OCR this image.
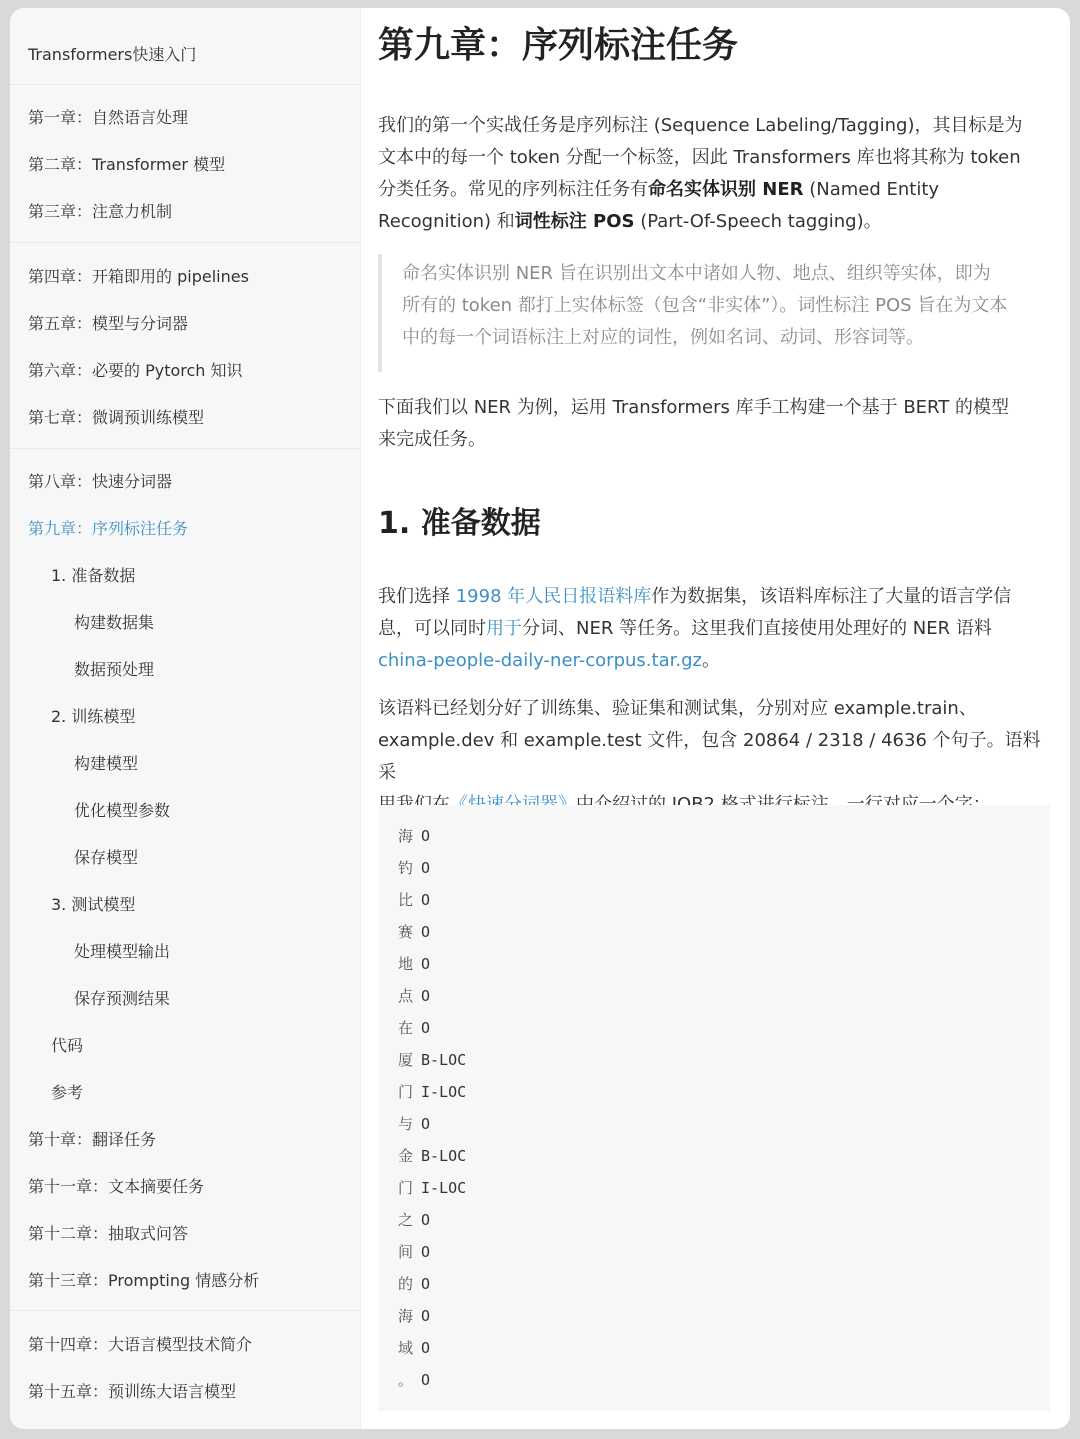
Transformers快速入门
第一章：自然语言处理
第二章：Transformer 模型
第三章：注意力机制
第四章：开箱即用的 pipelines
第五章：模型与分词器
第六章：必要的 Pytorch 知识
第七章：微调预训练模型
第八章：快速分词器
第九章：序列标注任务
1. 准备数据
构建数据集
数据预处理
2. 训练模型
构建模型
优化模型参数
保存模型
3. 测试模型
处理模型输出
保存预测结果
代码
参考
第十章：翻译任务
第十一章：文本摘要任务
第十二章：抽取式问答
第十三章：Prompting 情感分析
第十四章：大语言模型技术简介
第十五章：预训练大语言模型
第九章：序列标注任务
我们的第一个实战任务是序列标注 (Sequence Labeling/Tagging)，其目标是为
文本中的每一个 token 分配一个标签，因此 Transformers 库也将其称为 token
分类任务。常见的序列标注任务有命名实体识别 NER (Named Entity
Recognition) 和词性标注 POS (Part-Of-Speech tagging)。
命名实体识别 NER 旨在识别出文本中诸如人物、地点、组织等实体，即为
所有的 token 都打上实体标签（包含“非实体”）。词性标注 POS 旨在为文本
中的每一个词语标注上对应的词性，例如名词、动词、形容词等。
下面我们以 NER 为例，运用 Transformers 库手工构建一个基于 BERT 的模型
来完成任务。
1. 准备数据
我们选择 1998 年人民日报语料库作为数据集，该语料库标注了大量的语言学信
息，可以同时用于分词、NER 等任务。这里我们直接使用处理好的 NER 语料
china-people-daily-ner-corpus.tar.gz。
该语料已经划分好了训练集、验证集和测试集，分别对应 example.train、
example.dev 和 example.test 文件，包含 20864 / 2318 / 4636 个句子。语料采
海 O
钓 O
比 O
赛 O
地 O
点 O
在 O
厦 B-LOC
门 I-LOC
与 O
金 B-LOC
门 I-LOC
之 O
间 O
的 O
海 O
域 O
。 O
